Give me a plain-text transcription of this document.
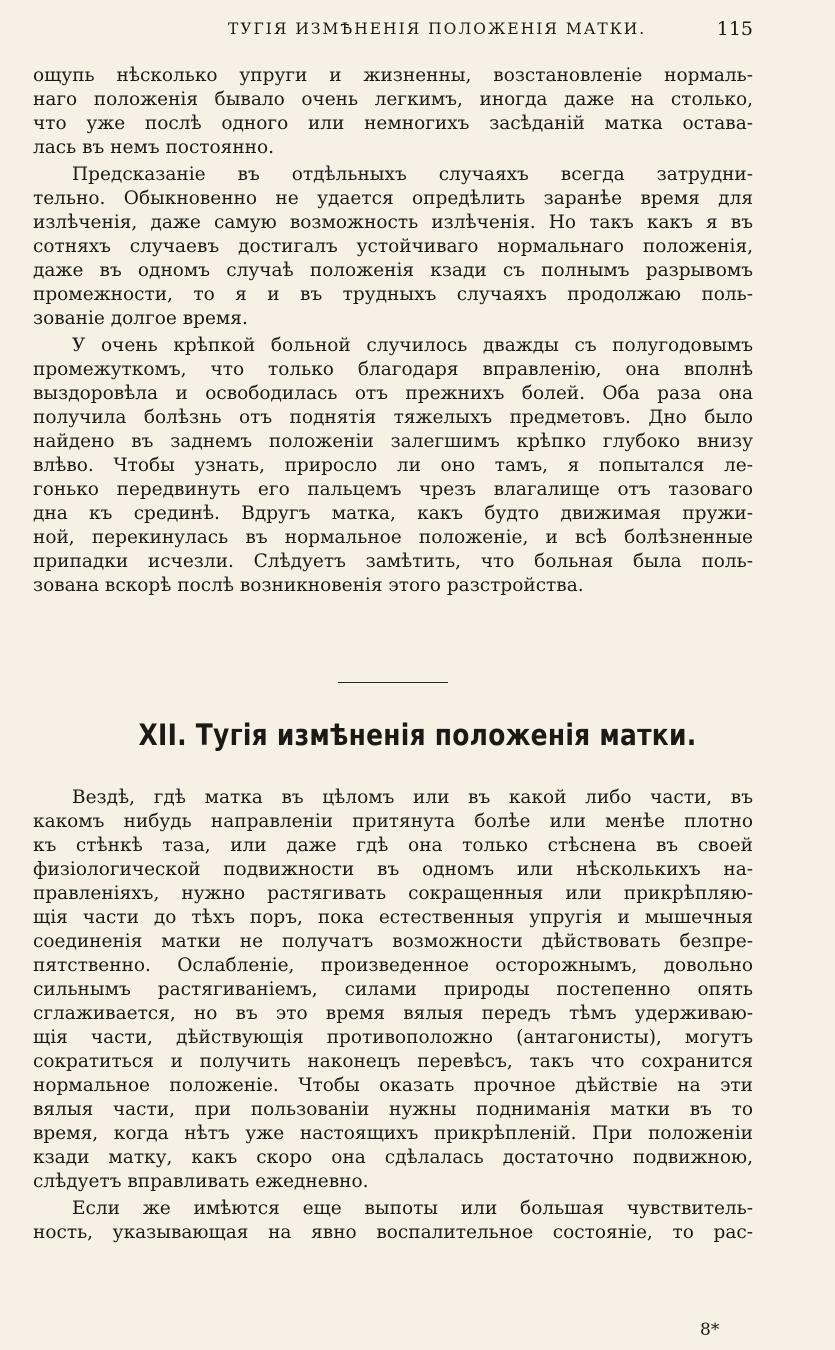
ТУГІЯ ИЗМѢНЕНІЯ ПОЛОЖЕНІЯ МАТКИ.	115
ощупь нѣсколько упруги и жизненны, возстановленіе нормаль-
наго положенія бывало очень легкимъ, иногда даже на столько,
что уже послѣ одного или немногихъ засѣданій матка остава-
лась въ немъ постоянно.
Предсказаніе въ отдѣльныхъ случаяхъ всегда затрудни-
тельно. Обыкновенно не удается опредѣлить заранѣе время для
излѣченія, даже самую возможность излѣченія. Но такъ какъ я въ
сотняхъ случаевъ достигалъ устойчиваго нормальнаго положенія,
даже въ одномъ случаѣ положенія кзади съ полнымъ разрывомъ
промежности, то я и въ трудныхъ случаяхъ продолжаю поль-
зованіе долгое время.
У очень крѣпкой больной случилось дважды съ полугодовымъ
промежуткомъ, что только благодаря вправленію, она вполнѣ
выздоровѣла и освободилась отъ прежнихъ болей. Оба раза она
получила болѣзнь отъ поднятія тяжелыхъ предметовъ. Дно было
найдено въ заднемъ положеніи залегшимъ крѣпко глубоко внизу
влѣво. Чтобы узнать, приросло ли оно тамъ, я попытался ле-
гонько передвинуть его пальцемъ чрезъ влагалище отъ тазоваго
дна къ срединѣ. Вдругъ матка, какъ будто движимая пружи-
ной, перекинулась въ нормальное положеніе, и всѣ болѣзненные
припадки исчезли. Слѣдуетъ замѣтить, что больная была поль-
зована вскорѣ послѣ возникновенія этого разстройства.
XII. Тугія измѣненія положенія матки.
Вездѣ, гдѣ матка въ цѣломъ или въ какой либо части, въ
какомъ нибудь направленіи притянута болѣе или менѣе плотно
къ стѣнкѣ таза, или даже гдѣ она только стѣснена въ своей
физіологической подвижности въ одномъ или нѣсколькихъ на-
правленіяхъ, нужно растягивать сокращенныя или прикрѣпляю-
щія части до тѣхъ поръ, пока естественныя упругія и мышечныя
соединенія матки не получатъ возможности дѣйствовать безпре-
пятственно. Ослабленіе, произведенное осторожнымъ, довольно
сильнымъ растягиваніемъ, силами природы постепенно опять
сглаживается, но въ это время вялыя передъ тѣмъ удерживаю-
щія части, дѣйствующія противоположно (антагонисты), могутъ
сократиться и получить наконецъ перевѣсъ, такъ что сохранится
нормальное положеніе. Чтобы оказать прочное дѣйствіе на эти
вялыя части, при пользованіи нужны подниманія матки въ то
время, когда нѣтъ уже настоящихъ прикрѣпленій. При положеніи
кзади матку, какъ скоро она сдѣлалась достаточно подвижною,
слѣдуетъ вправливать ежедневно.
Если же имѣются еще выпоты или большая чувствитель-
ность, указывающая на явно воспалительное состояніе, то рас-
8*
